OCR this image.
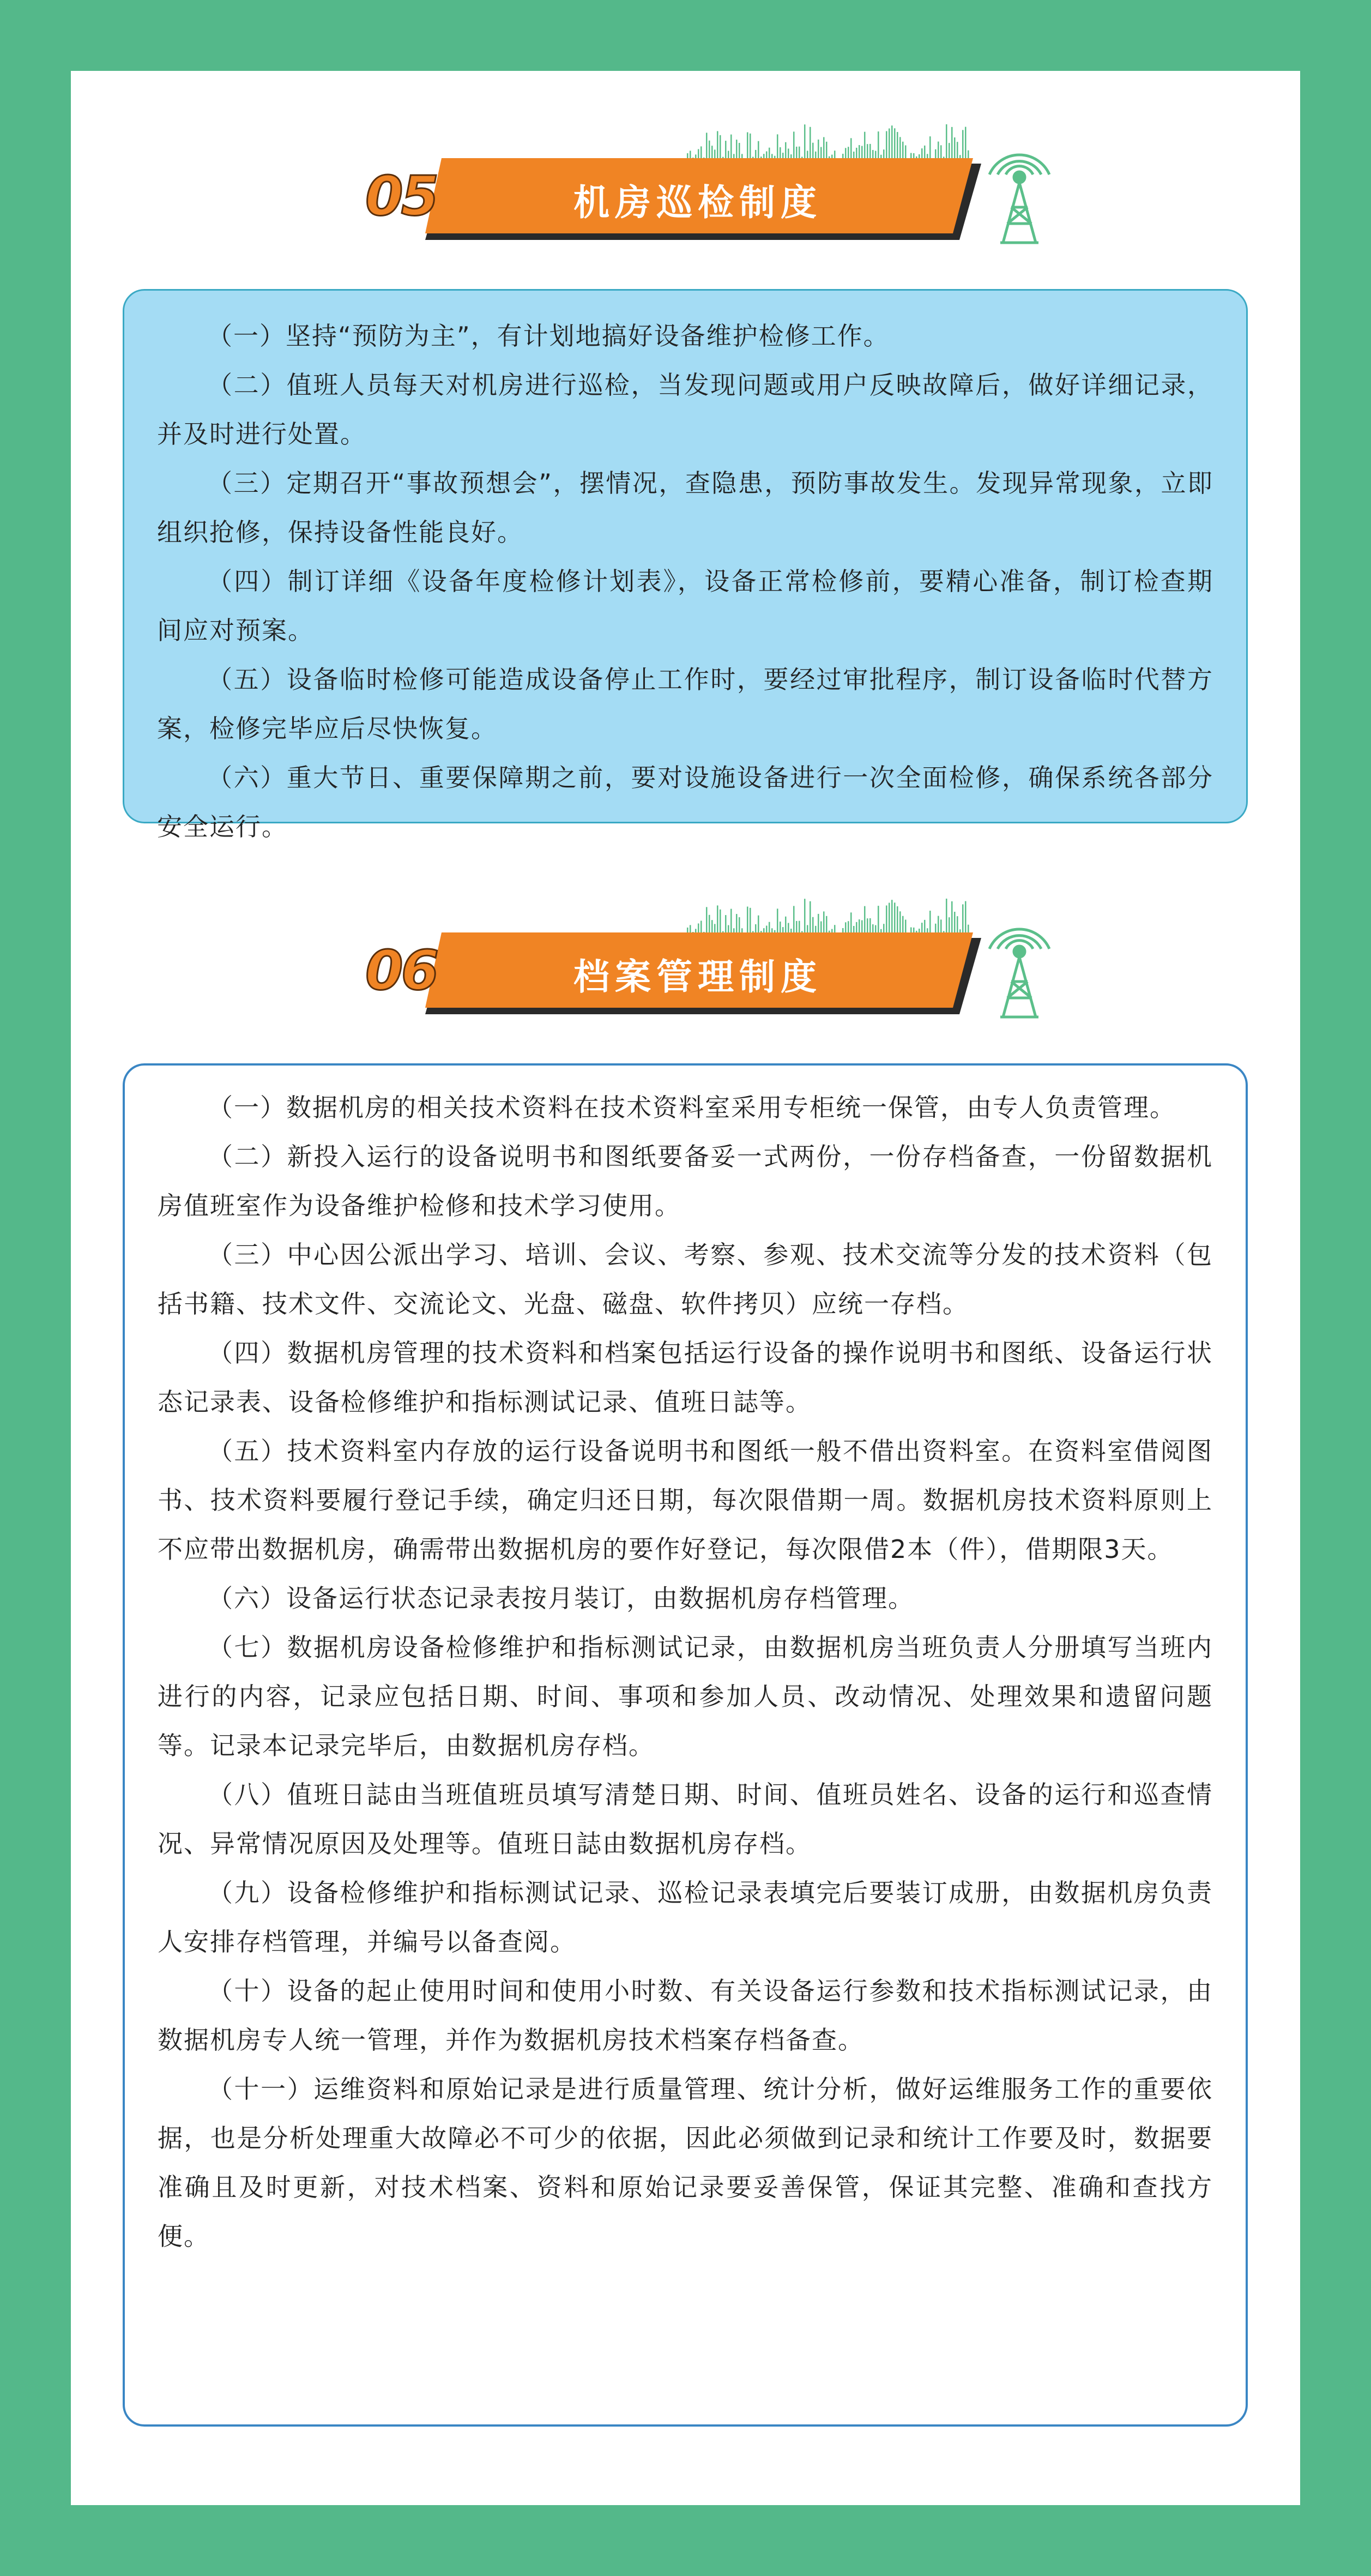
05	机房巡检制度

（一）坚持“预防为主”，有计划地搞好设备维护检修工作。

（二）值班人员每天对机房进行巡检，当发现问题或用户反映故障后，做好详细记录，并及时进行处置。

（三）定期召开“事故预想会”，摆情况，查隐患，预防事故发生。发现异常现象，立即组织抢修，保持设备性能良好。

（四）制订详细《设备年度检修计划表》，设备正常检修前，要精心准备，制订检查期间应对预案。

（五）设备临时检修可能造成设备停止工作时，要经过审批程序，制订设备临时代替方案，检修完毕应后尽快恢复。

（六）重大节日、重要保障期之前，要对设施设备进行一次全面检修，确保系统各部分安全运行。

06	档案管理制度

（一）数据机房的相关技术资料在技术资料室采用专柜统一保管，由专人负责管理。

（二）新投入运行的设备说明书和图纸要备妥一式两份，一份存档备查，一份留数据机房值班室作为设备维护检修和技术学习使用。

（三）中心因公派出学习、培训、会议、考察、参观、技术交流等分发的技术资料（包括书籍、技术文件、交流论文、光盘、磁盘、软件拷贝）应统一存档。

（四）数据机房管理的技术资料和档案包括运行设备的操作说明书和图纸、设备运行状态记录表、设备检修维护和指标测试记录、值班日誌等。

（五）技术资料室内存放的运行设备说明书和图纸一般不借出资料室。在资料室借阅图书、技术资料要履行登记手续，确定归还日期，每次限借期一周。数据机房技术资料原则上不应带出数据机房，确需带出数据机房的要作好登记，每次限借2本（件），借期限3天。

（六）设备运行状态记录表按月装订，由数据机房存档管理。

（七）数据机房设备检修维护和指标测试记录，由数据机房当班负责人分册填写当班内进行的内容，记录应包括日期、时间、事项和参加人员、改动情况、处理效果和遗留问题等。记录本记录完毕后，由数据机房存档。

（八）值班日誌由当班值班员填写清楚日期、时间、值班员姓名、设备的运行和巡查情况、异常情况原因及处理等。值班日誌由数据机房存档。

（九）设备检修维护和指标测试记录、巡检记录表填完后要装订成册，由数据机房负责人安排存档管理，并编号以备查阅。

（十）设备的起止使用时间和使用小时数、有关设备运行参数和技术指标测试记录，由数据机房专人统一管理，并作为数据机房技术档案存档备查。

（十一）运维资料和原始记录是进行质量管理、统计分析，做好运维服务工作的重要依据，也是分析处理重大故障必不可少的依据，因此必须做到记录和统计工作要及时，数据要准确且及时更新，对技术档案、资料和原始记录要妥善保管，保证其完整、准确和查找方便。
